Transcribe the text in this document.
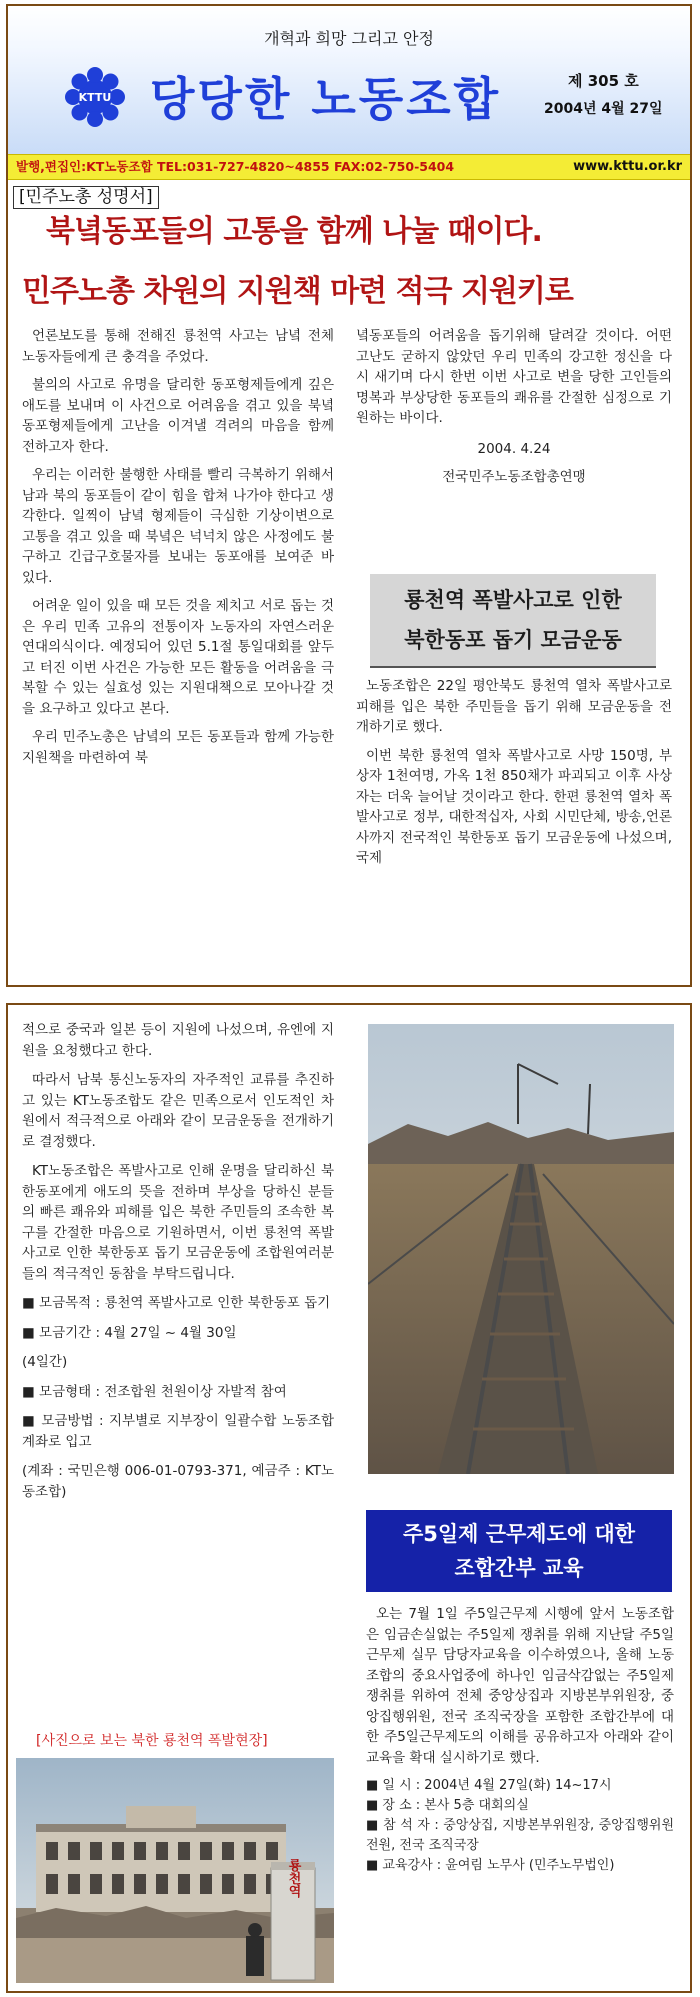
개혁과 희망 그리고 안정
KTTU 당당한 노동조합	제 305 호
2004년 4월 27일
발행,편집인:KT노동조합 TEL:031-727-4820~4855 FAX:02-750-5404	www.kttu.or.kr
[민주노총 성명서]
북녘동포들의 고통을 함께 나눌 때이다.
민주노총 차원의 지원책 마련 적극 지원키로

언론보도를 통해 전해진 룡천역 사고는 남녘 전체 노동자들에게 큰 충격을 주었다.

불의의 사고로 유명을 달리한 동포형제들에게 깊은 애도를 보내며 이 사건으로 어려움을 겪고 있을 북녘동포형제들에게 고난을 이겨낼 격려의 마음을 함께 전하고자 한다.

우리는 이러한 불행한 사태를 빨리 극복하기 위해서 남과 북의 동포들이 같이 힘을 합쳐 나가야 한다고 생각한다. 일찍이 남녘 형제들이 극심한 기상이변으로 고통을 겪고 있을 때 북녘은 넉넉치 않은 사정에도 불구하고 긴급구호물자를 보내는 동포애를 보여준 바 있다.

어려운 일이 있을 때 모든 것을 제치고 서로 돕는 것은 우리 민족 고유의 전통이자 노동자의 자연스러운 연대의식이다. 예정되어 있던 5.1절 통일대회를 앞두고 터진 이번 사건은 가능한 모든 활동을 어려움을 극복할 수 있는 실효성 있는 지원대책으로 모아나갈 것을 요구하고 있다고 본다.

우리 민주노총은 남녘의 모든 동포들과 함께 가능한 지원책을 마련하여 북

녘동포들의 어려움을 돕기위해 달려갈 것이다. 어떤 고난도 굳하지 않았던 우리 민족의 강고한 정신을 다시 새기며 다시 한번 이번 사고로 변을 당한 고인들의 명복과 부상당한 동포들의 쾌유를 간절한 심정으로 기원하는 바이다.

2004. 4.24

전국민주노동조합총연맹

룡천역 폭발사고로 인한
북한동포 돕기 모금운동

노동조합은 22일 평안북도 룡천역 열차 폭발사고로 피해를 입은 북한 주민들을 돕기 위해 모금운동을 전개하기로 했다.

이번 북한 룡천역 열차 폭발사고로 사망 150명, 부상자 1천여명, 가옥 1천 850채가 파괴되고 이후 사상자는 더욱 늘어날 것이라고 한다. 한편 룡천역 열차 폭발사고로 정부, 대한적십자, 사회 시민단체, 방송,언론사까지 전국적인 북한동포 돕기 모금운동에 나섰으며, 국제

적으로 중국과 일본 등이 지원에 나섰으며, 유엔에 지원을 요청했다고 한다.

따라서 남북 통신노동자의 자주적인 교류를 추진하고 있는 KT노동조합도 같은 민족으로서 인도적인 차원에서 적극적으로 아래와 같이 모금운동을 전개하기로 결정했다.

KT노동조합은 폭발사고로 인해 운명을 달리하신 북한동포에게 애도의 뜻을 전하며 부상을 당하신 분들의 빠른 쾌유와 피해를 입은 북한 주민들의 조속한 복구를 간절한 마음으로 기원하면서, 이번 룡천역 폭발사고로 인한 북한동포 돕기 모금운동에 조합원여러분들의 적극적인 동참을 부탁드립니다.

■ 모금목적 : 룡천역 폭발사고로 인한 북한동포 돕기

■ 모금기간 : 4월 27일 ~ 4월 30일

(4일간)

■ 모금형태 : 전조합원 천원이상 자발적 참여

■ 모금방법 : 지부별로 지부장이 일괄수합 노동조합 계좌로 입고

(계좌 : 국민은행 006-01-0793-371, 예금주 : KT노동조합)

[사진으로 보는 북한 룡천역 폭발현장]
룡천역
주5일제 근무제도에 대한
조합간부 교육

오는 7월 1일 주5일근무제 시행에 앞서 노동조합은 임금손실없는 주5일제 쟁취를 위해 지난달 주5일근무제 실무 담당자교육을 이수하였으나, 올해 노동조합의 중요사업중에 하나인 임금삭감없는 주5일제 쟁취를 위하여 전체 중앙상집과 지방본부위원장, 중앙집행위원, 전국 조직국장을 포함한 조합간부에 대한 주5일근무제도의 이해를 공유하고자 아래와 같이 교육을 확대 실시하기로 했다.

■ 일 시 : 2004년 4월 27일(화) 14~17시

■ 장 소 : 본사 5층 대회의실

■ 참 석 자 : 중앙상집, 지방본부위원장, 중앙집행위원 전원, 전국 조직국장

■ 교육강사 : 윤여림 노무사 (민주노무법인)
